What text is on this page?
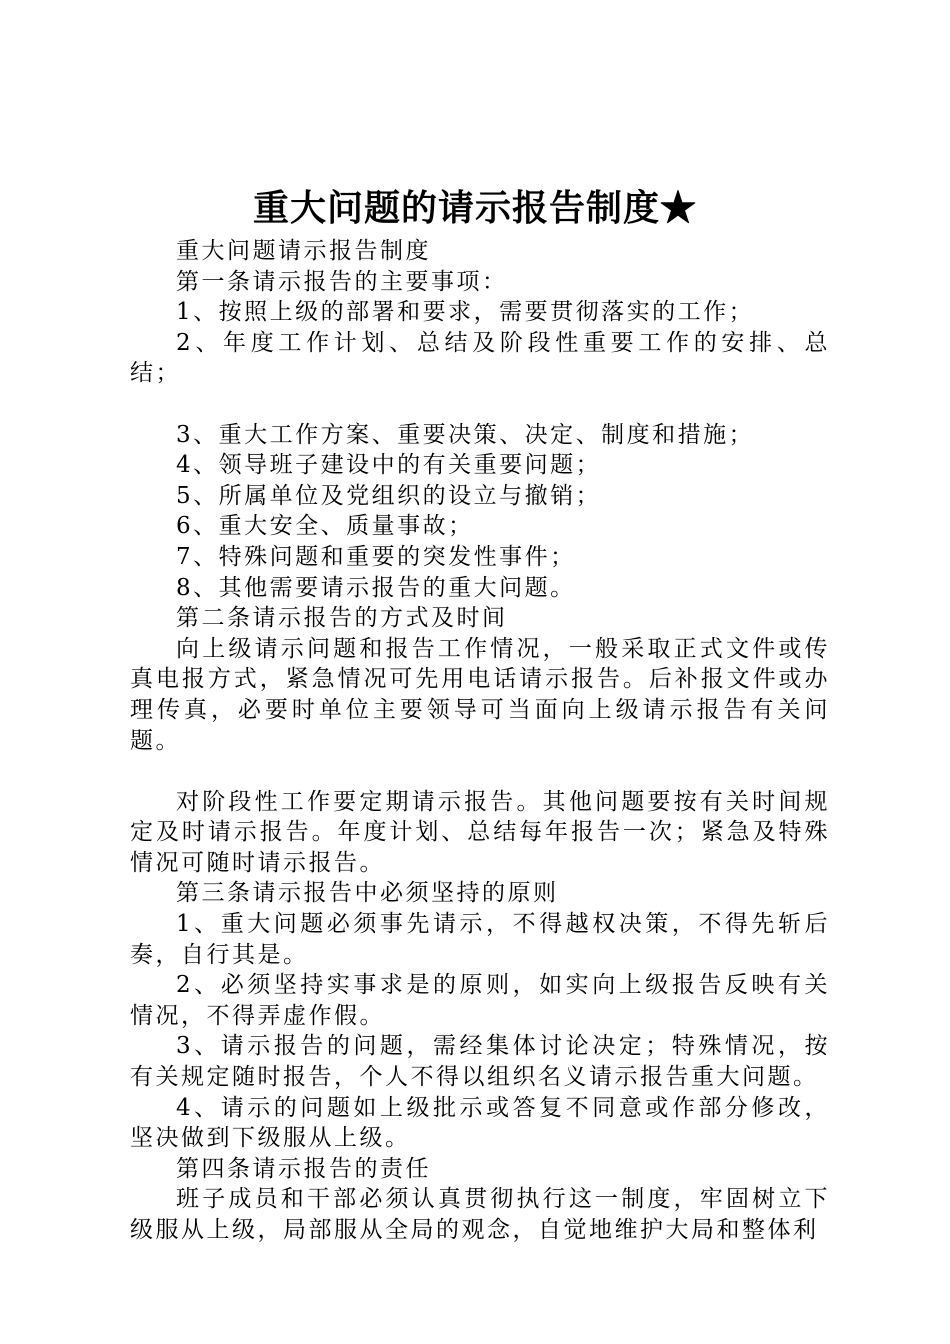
重大问题的请示报告制度★

重大问题请示报告制度

第一条请示报告的主要事项：

1、按照上级的部署和要求，需要贯彻落实的工作；

2、年度工作计划、总结及阶段性重要工作的安排、总结；

3、重大工作方案、重要决策、决定、制度和措施；

4、领导班子建设中的有关重要问题；

5、所属单位及党组织的设立与撤销；

6、重大安全、质量事故；

7、特殊问题和重要的突发性事件；

8、其他需要请示报告的重大问题。

第二条请示报告的方式及时间

向上级请示问题和报告工作情况，一般采取正式文件或传真电报方式，紧急情况可先用电话请示报告。后补报文件或办理传真，必要时单位主要领导可当面向上级请示报告有关问题。

对阶段性工作要定期请示报告。其他问题要按有关时间规定及时请示报告。年度计划、总结每年报告一次；紧急及特殊情况可随时请示报告。

第三条请示报告中必须坚持的原则

1、重大问题必须事先请示，不得越权决策，不得先斩后奏，自行其是。

2、必须坚持实事求是的原则，如实向上级报告反映有关情况，不得弄虚作假。

3、请示报告的问题，需经集体讨论决定；特殊情况，按有关规定随时报告，个人不得以组织名义请示报告重大问题。

4、请示的问题如上级批示或答复不同意或作部分修改，坚决做到下级服从上级。

第四条请示报告的责任

班子成员和干部必须认真贯彻执行这一制度，牢固树立下级服从上级，局部服从全局的观念，自觉地维护大局和整体利
